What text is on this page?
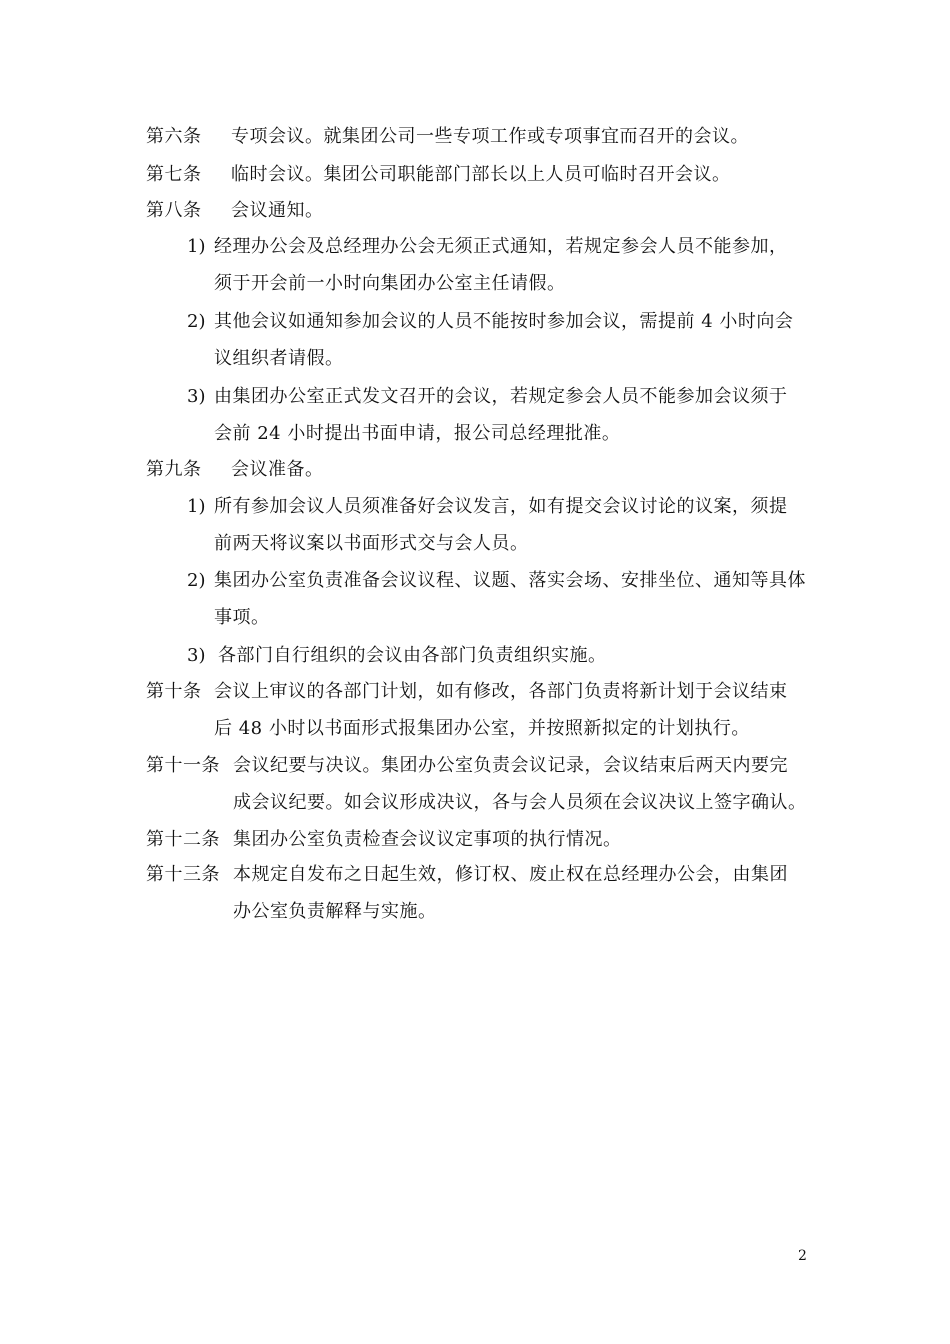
第六条 专项会议。就集团公司一些专项工作或专项事宜而召开的会议。
第七条 临时会议。集团公司职能部门部长以上人员可临时召开会议。
第八条 会议通知。
1) 经理办公会及总经理办公会无须正式通知，若规定参会人员不能参加，
须于开会前一小时向集团办公室主任请假。
2) 其他会议如通知参加会议的人员不能按时参加会议，需提前 4 小时向会
议组织者请假。
3) 由集团办公室正式发文召开的会议，若规定参会人员不能参加会议须于
会前 24 小时提出书面申请，报公司总经理批准。
第九条 会议准备。
1) 所有参加会议人员须准备好会议发言，如有提交会议讨论的议案，须提
前两天将议案以书面形式交与会人员。
2) 集团办公室负责准备会议议程、议题、落实会场、安排坐位、通知等具体
事项。
3) 各部门自行组织的会议由各部门负责组织实施。
第十条 会议上审议的各部门计划，如有修改，各部门负责将新计划于会议结束
后 48 小时以书面形式报集团办公室，并按照新拟定的计划执行。
第十一条 会议纪要与决议。集团办公室负责会议记录，会议结束后两天内要完
成会议纪要。如会议形成决议，各与会人员须在会议决议上签字确认。
第十二条 集团办公室负责检查会议议定事项的执行情况。
第十三条 本规定自发布之日起生效，修订权、废止权在总经理办公会，由集团
办公室负责解释与实施。
2
